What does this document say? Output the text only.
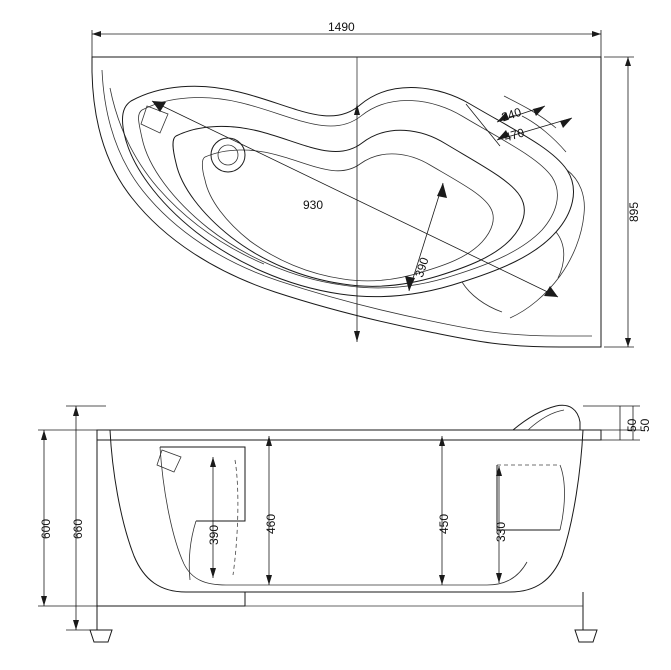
1490
895
930
390
240
470
50 50
390
460	450	330
600 660
